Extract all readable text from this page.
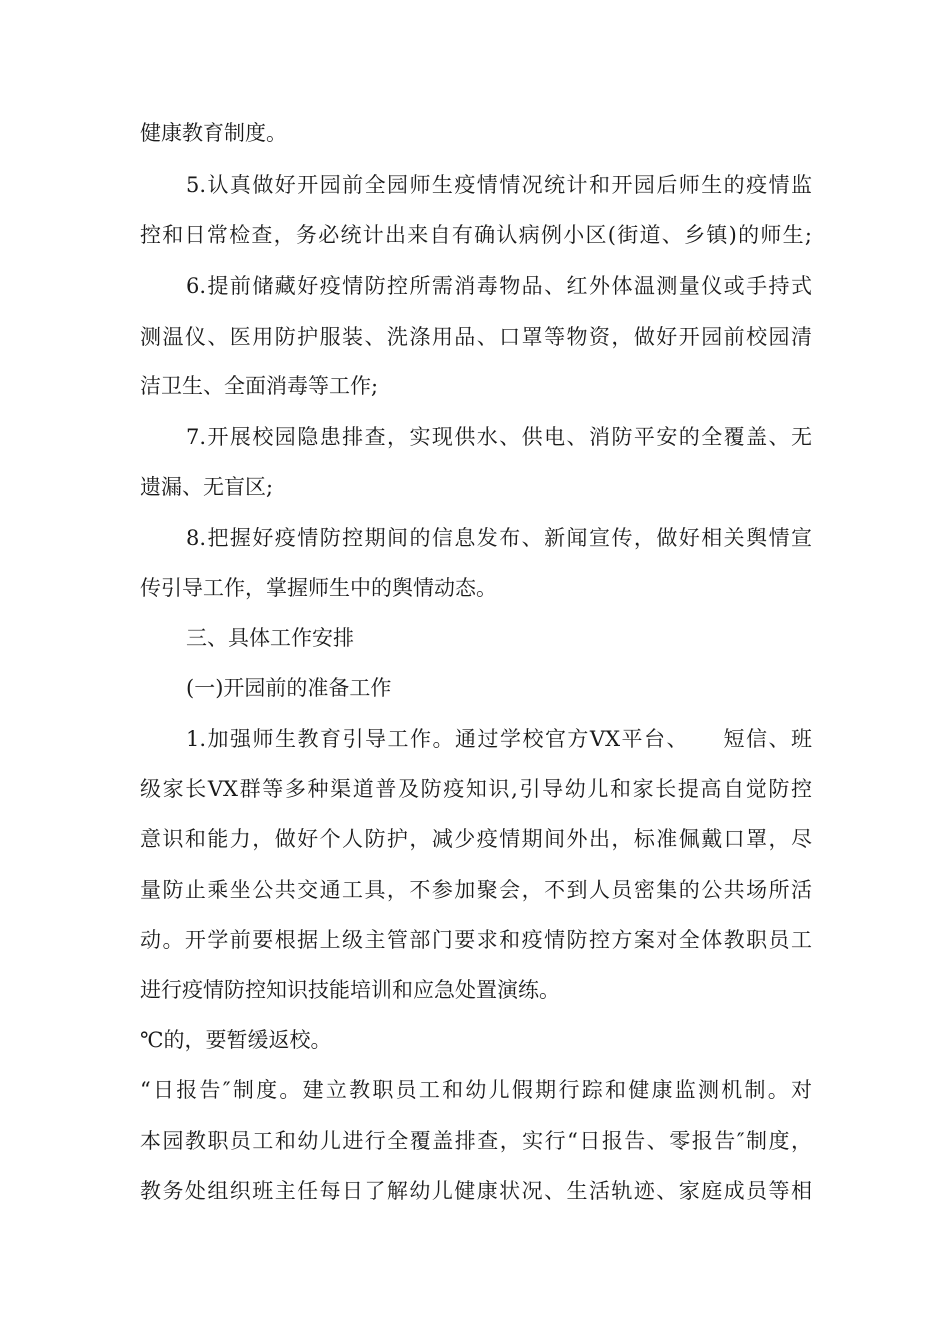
健康教育制度。
5.认真做好开园前全园师生疫情情况统计和开园后师生的疫情监
控和日常检查，务必统计出来自有确认病例小区(街道、乡镇)的师生;
6.提前储藏好疫情防控所需消毒物品、红外体温测量仪或手持式
测温仪、医用防护服装、洗涤用品、口罩等物资，做好开园前校园清
洁卫生、全面消毒等工作;
7.开展校园隐患排查，实现供水、供电、消防平安的全覆盖、无
遗漏、无盲区;
8.把握好疫情防控期间的信息发布、新闻宣传，做好相关舆情宣
传引导工作，掌握师生中的舆情动态。
三、具体工作安排
(一)开园前的准备工作
1.加强师生教育引导工作。通过学校官方VX平台、　　短信、班
级家长VX群等多种渠道普及防疫知识,引导幼儿和家长提高自觉防控
意识和能力，做好个人防护，减少疫情期间外出，标准佩戴口罩，尽
量防止乘坐公共交通工具，不参加聚会，不到人员密集的公共场所活
动。开学前要根据上级主管部门要求和疫情防控方案对全体教职员工
进行疫情防控知识技能培训和应急处置演练。
℃的，要暂缓返校。
“日报告″制度。建立教职员工和幼儿假期行踪和健康监测机制。对
本园教职员工和幼儿进行全覆盖排查，实行“日报告、零报告″制度，
教务处组织班主任每日了解幼儿健康状况、生活轨迹、家庭成员等相
